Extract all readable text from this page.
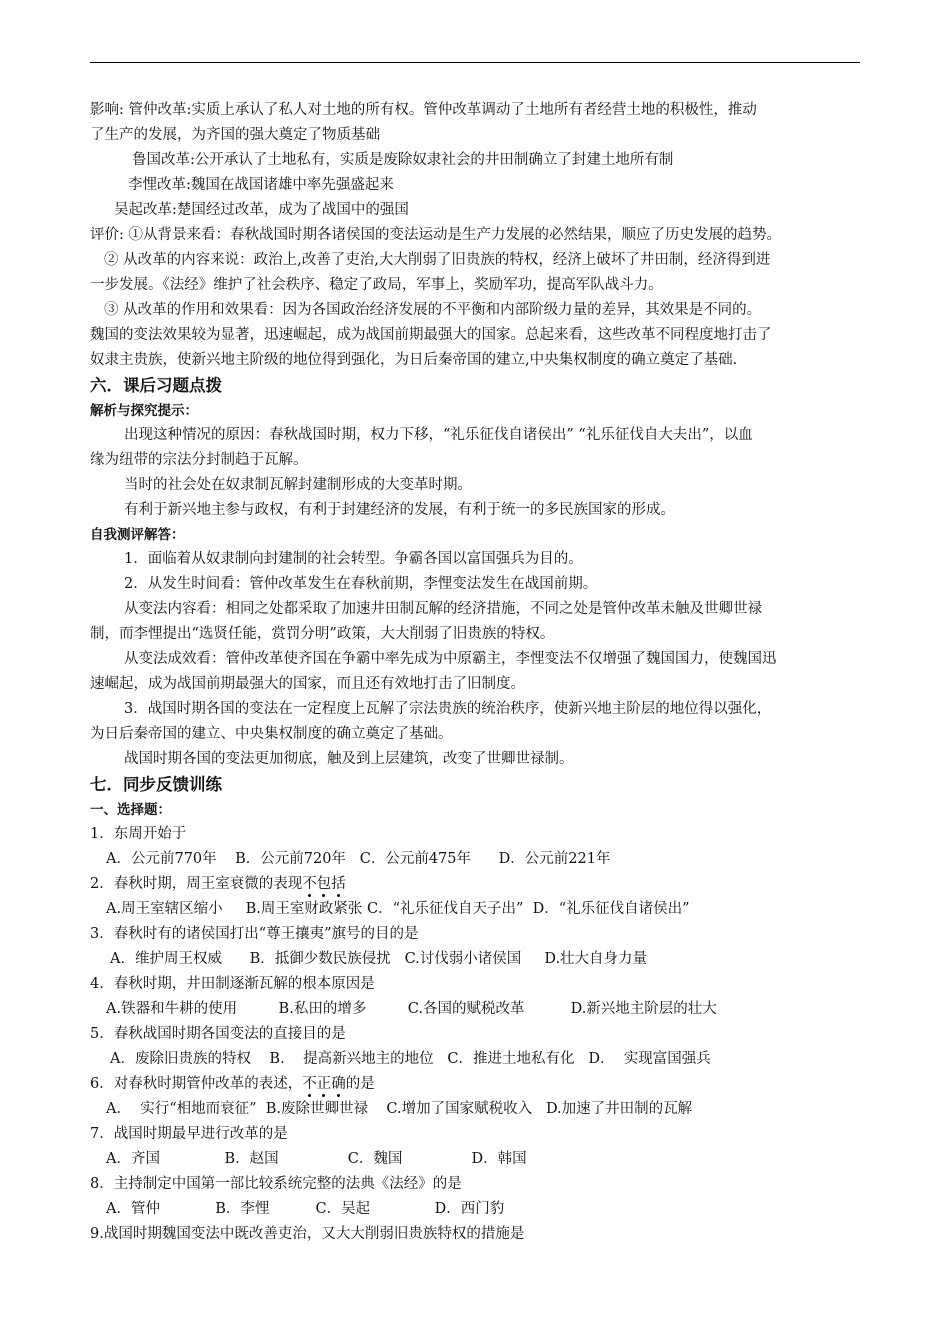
影响: 管仲改革:实质上承认了私人对土地的所有权。管仲改革调动了土地所有者经营土地的积极性，推动
了生产的发展，为齐国的强大奠定了物质基础
鲁国改革:公开承认了土地私有，实质是废除奴隶社会的井田制确立了封建土地所有制
李悝改革:魏国在战国诸雄中率先强盛起来
吴起改革:楚国经过改革，成为了战国中的强国
评价: ①从背景来看：春秋战国时期各诸侯国的变法运动是生产力发展的必然结果，顺应了历史发展的趋势。
② 从改革的内容来说：政治上,改善了吏治,大大削弱了旧贵族的特权，经济上破坏了井田制，经济得到进
一步发展。《法经》维护了社会秩序、稳定了政局，军事上，奖励军功，提高军队战斗力。
③ 从改革的作用和效果看：因为各国政治经济发展的不平衡和内部阶级力量的差异，其效果是不同的。
魏国的变法效果较为显著，迅速崛起，成为战国前期最强大的国家。总起来看，这些改革不同程度地打击了
奴隶主贵族，使新兴地主阶级的地位得到强化，为日后秦帝国的建立,中央集权制度的确立奠定了基础.
六．课后习题点拨
解析与探究提示：
出现这种情况的原因：春秋战国时期，权力下移，“礼乐征伐自诸侯出” “礼乐征伐自大夫出”，以血
缘为纽带的宗法分封制趋于瓦解。
当时的社会处在奴隶制瓦解封建制形成的大变革时期。
有利于新兴地主参与政权，有利于封建经济的发展，有利于统一的多民族国家的形成。
自我测评解答：
1．面临着从奴隶制向封建制的社会转型。争霸各国以富国强兵为目的。
2．从发生时间看：管仲改革发生在春秋前期，李悝变法发生在战国前期。
从变法内容看：相同之处都采取了加速井田制瓦解的经济措施，不同之处是管仲改革未触及世卿世禄
制，而李悝提出“选贤任能，赏罚分明”政策，大大削弱了旧贵族的特权。
从变法成效看：管仲改革使齐国在争霸中率先成为中原霸主，李悝变法不仅增强了魏国国力，使魏国迅
速崛起，成为战国前期最强大的国家，而且还有效地打击了旧制度。
3．战国时期各国的变法在一定程度上瓦解了宗法贵族的统治秩序，使新兴地主阶层的地位得以强化，
为日后秦帝国的建立、中央集权制度的确立奠定了基础。
战国时期各国的变法更加彻底，触及到上层建筑，改变了世卿世禄制。
七．同步反馈训练
一、选择题：
1．东周开始于
A．公元前770年    B．公元前720年   C．公元前475年      D．公元前221年
2．春秋时期，周王室衰微的表现不包括
A.周王室辖区缩小     B.周王室财政紧张 C．“礼乐征伐自天子出”  D．“礼乐征伐自诸侯出”
3．春秋时有的诸侯国打出“尊王攘夷”旗号的目的是
A．维护周王权威      B．抵御少数民族侵扰   C.讨伐弱小诸侯国     D.壮大自身力量
4．春秋时期，井田制逐渐瓦解的根本原因是
A.铁器和牛耕的使用         B.私田的增多         C.各国的赋税改革          D.新兴地主阶层的壮大
5．春秋战国时期各国变法的直接目的是
A．废除旧贵族的特权    B.    提高新兴地主的地位   C．推进土地私有化   D．  实现富国强兵
6．对春秋时期管仲改革的表述，不正确的是
A．  实行“相地而衰征”  B.废除世卿世禄    C.增加了国家赋税收入   D.加速了井田制的瓦解
7．战国时期最早进行改革的是
A．齐国              B．赵国               C．魏国               D．韩国
8．主持制定中国第一部比较系统完整的法典《法经》的是
A．管仲            B．李悝          C．吴起              D．西门豹
9.战国时期魏国变法中既改善吏治，又大大削弱旧贵族特权的措施是
